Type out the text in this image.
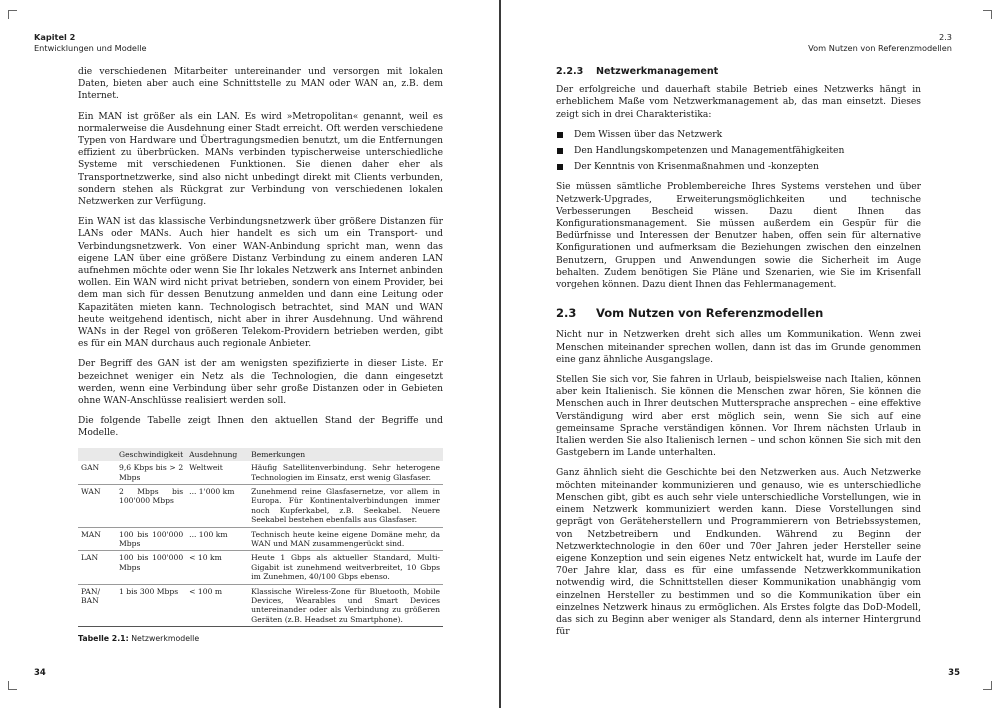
Kapitel 2
Entwicklungen und Modelle

die verschiedenen Mitarbeiter untereinander und versorgen mit lokalen Daten, bieten aber auch eine Schnittstelle zu MAN oder WAN an, z.B. dem Internet.

Ein MAN ist größer als ein LAN. Es wird »Metropolitan« genannt, weil es normalerweise die Ausdehnung einer Stadt erreicht. Oft werden verschiedene Typen von Hardware und Übertragungsmedien benutzt, um die Entfernungen effizient zu überbrücken. MANs verbinden typischerweise unterschiedliche Systeme mit verschiedenen Funktionen. Sie dienen daher eher als Transportnetzwerke, sind also nicht unbedingt direkt mit Clients verbunden, sondern stehen als Rückgrat zur Verbindung von verschiedenen lokalen Netzwerken zur Verfügung.

Ein WAN ist das klassische Verbindungsnetzwerk über größere Distanzen für LANs oder MANs. Auch hier handelt es sich um ein Transport- und Verbindungsnetzwerk. Von einer WAN-Anbindung spricht man, wenn das eigene LAN über eine größere Distanz Verbindung zu einem anderen LAN aufnehmen möchte oder wenn Sie Ihr lokales Netzwerk ans Internet anbinden wollen. Ein WAN wird nicht privat betrieben, sondern von einem Provider, bei dem man sich für dessen Benutzung anmelden und dann eine Leitung oder Kapazitäten mieten kann. Technologisch betrachtet, sind MAN und WAN heute weitgehend identisch, nicht aber in ihrer Ausdehnung. Und während WANs in der Regel von größeren Telekom-Providern betrieben werden, gibt es für ein MAN durchaus auch regionale Anbieter.

Der Begriff des GAN ist der am wenigsten spezifizierte in dieser Liste. Er bezeichnet weniger ein Netz als die Technologien, die dann eingesetzt werden, wenn eine Verbindung über sehr große Distanzen oder in Gebieten ohne WAN-Anschlüsse realisiert werden soll.

Die folgende Tabelle zeigt Ihnen den aktuellen Stand der Begriffe und Modelle.

	Geschwindigkeit	Ausdehnung	Bemerkungen
GAN	9,6 Kbps bis > 2 Mbps	Weltweit	Häufig Satellitenverbindung. Sehr heterogene Technologien im Einsatz, erst wenig Glasfaser.
WAN	2 Mbps bis 100'000 Mbps	... 1'000 km	Zunehmend reine Glasfasernetze, vor allem in Europa. Für Kontinentalverbindungen immer noch Kupferkabel, z.B. Seekabel. Neuere Seekabel bestehen ebenfalls aus Glasfaser.
MAN	100 bis 100'000 Mbps	... 100 km	Technisch heute keine eigene Domäne mehr, da WAN und MAN zusammengerückt sind.
LAN	100 bis 100'000 Mbps	< 10 km	Heute 1 Gbps als aktueller Standard, Multi-Gigabit ist zunehmend weitverbreitet, 10 Gbps im Zunehmen, 40/100 Gbps ebenso.
PAN/ BAN	1 bis 300 Mbps	< 100 m	Klassische Wireless-Zone für Bluetooth, Mobile Devices, Wearables und Smart Devices untereinander oder als Verbindung zu größeren Geräten (z.B. Headset zu Smartphone).
Tabelle 2.1: Netzwerkmodelle
34
2.3
Vom Nutzen von Referenzmodellen
2.2.3 Netzwerkmanagement

Der erfolgreiche und dauerhaft stabile Betrieb eines Netzwerks hängt in erheblichem Maße vom Netzwerkmanagement ab, das man einsetzt. Dieses zeigt sich in drei Charakteristika:

Dem Wissen über das Netzwerk
Den Handlungskompetenzen und Managementfähigkeiten
Der Kenntnis von Krisenmaßnahmen und -konzepten

Sie müssen sämtliche Problembereiche Ihres Systems verstehen und über Netzwerk-Upgrades, Erweiterungsmöglichkeiten und technische Verbesserungen Bescheid wissen. Dazu dient Ihnen das Konfigurationsmanagement. Sie müssen außerdem ein Gespür für die Bedürfnisse und Interessen der Benutzer haben, offen sein für alternative Konfigurationen und aufmerksam die Beziehungen zwischen den einzelnen Benutzern, Gruppen und Anwendungen sowie die Sicherheit im Auge behalten. Zudem benötigen Sie Pläne und Szenarien, wie Sie im Krisenfall vorgehen können. Dazu dient Ihnen das Fehlermanagement.

2.3 Vom Nutzen von Referenzmodellen

Nicht nur in Netzwerken dreht sich alles um Kommunikation. Wenn zwei Menschen miteinander sprechen wollen, dann ist das im Grunde genommen eine ganz ähnliche Ausgangslage.

Stellen Sie sich vor, Sie fahren in Urlaub, beispielsweise nach Italien, können aber kein Italienisch. Sie können die Menschen zwar hören, Sie können die Menschen auch in Ihrer deutschen Muttersprache ansprechen – eine effektive Verständigung wird aber erst möglich sein, wenn Sie sich auf eine gemeinsame Sprache verständigen können. Vor Ihrem nächsten Urlaub in Italien werden Sie also Italienisch lernen – und schon können Sie sich mit den Gastgebern im Lande unterhalten.

Ganz ähnlich sieht die Geschichte bei den Netzwerken aus. Auch Netzwerke möchten miteinander kommunizieren und genauso, wie es unterschiedliche Menschen gibt, gibt es auch sehr viele unterschiedliche Vorstellungen, wie in einem Netzwerk kommuniziert werden kann. Diese Vorstellungen sind geprägt von Geräteherstellern und Programmierern von Betriebssystemen, von Netzbetreibern und Endkunden. Während zu Beginn der Netzwerktechnologie in den 60er und 70er Jahren jeder Hersteller seine eigene Konzeption und sein eigenes Netz entwickelt hat, wurde im Laufe der 70er Jahre klar, dass es für eine umfassende Netzwerkkommunikation notwendig wird, die Schnittstellen dieser Kommunikation unabhängig vom einzelnen Hersteller zu bestimmen und so die Kommunikation über ein einzelnes Netzwerk hinaus zu ermöglichen. Als Erstes folgte das DoD-Modell, das sich zu Beginn aber weniger als Standard, denn als interner Hintergrund für

35
